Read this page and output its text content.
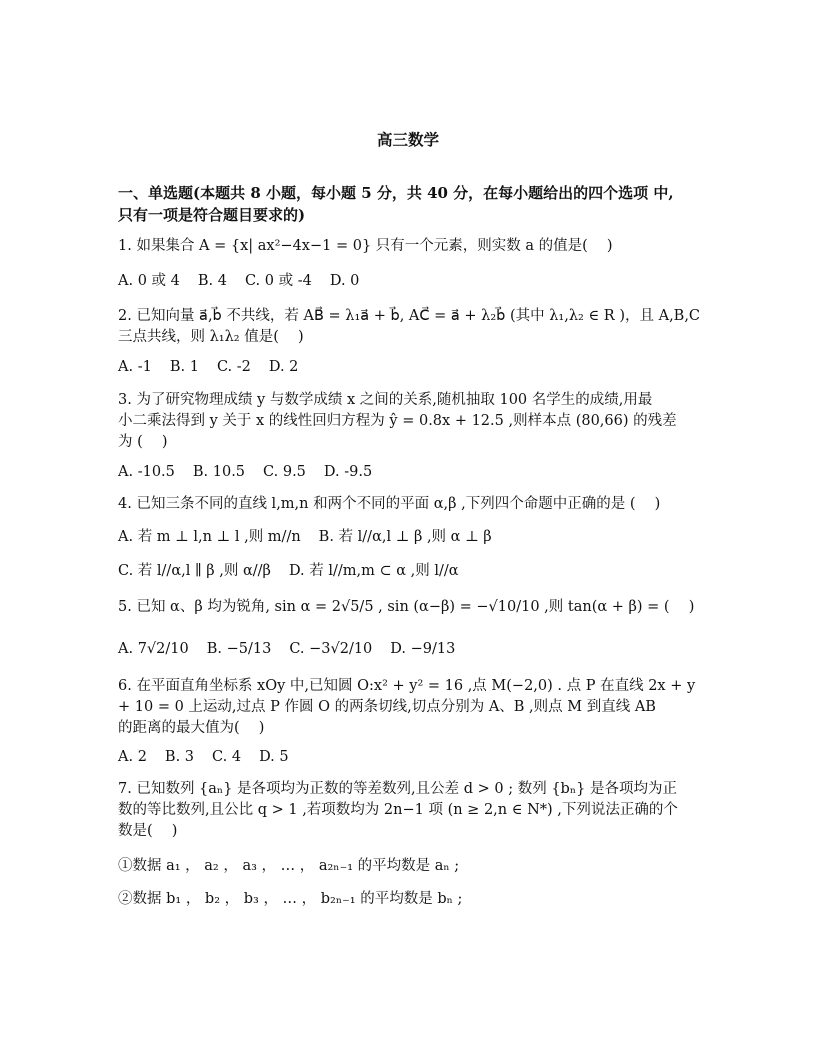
高三数学
一、单选题(本题共 8 小题，每小题 5 分，共 40 分，在每小题给出的四个选项 中,
只有一项是符合题目要求的)
1. 如果集合 A = {x| ax²−4x−1 = 0} 只有一个元素，则实数 a 的值是(　 )
A. 0 或 4 B. 4 C. 0 或 -4 D. 0
2. 已知向量 a⃗,b⃗ 不共线，若 AB⃗ = λ₁a⃗ + b⃗, AC⃗ = a⃗ + λ₂b⃗ (其中 λ₁,λ₂ ∈ R )，且 A,B,C
三点共线，则 λ₁λ₂ 值是(　 )
A. -1 B. 1 C. -2 D. 2
3. 为了研究物理成绩 y 与数学成绩 x 之间的关系,随机抽取 100 名学生的成绩,用最
小二乘法得到 y 关于 x 的线性回归方程为 ŷ = 0.8x + 12.5 ,则样本点 (80,66) 的残差
为 (　 )
A. -10.5 B. 10.5 C. 9.5 D. -9.5
4. 已知三条不同的直线 l,m,n 和两个不同的平面 α,β ,下列四个命题中正确的是 (　 )
A. 若 m ⊥ l,n ⊥ l ,则 m//n B. 若 l//α,l ⊥ β ,则 α ⊥ β
C. 若 l//α,l ∥ β ,则 α//β D. 若 l//m,m ⊂ α ,则 l//α
5. 已知 α、β 均为锐角, sin α = 2√5/5 , sin (α−β) = −√10/10 ,则 tan(α + β) = (　 )
A. 7√2/10 B. −5/13 C. −3√2/10 D. −9/13
6. 在平面直角坐标系 xOy 中,已知圆 O:x² + y² = 16 ,点 M(−2,0) . 点 P 在直线 2x + y
+ 10 = 0 上运动,过点 P 作圆 O 的两条切线,切点分别为 A、B ,则点 M 到直线 AB
的距离的最大值为(　 )
A. 2 B. 3 C. 4 D. 5
7. 已知数列 {aₙ} 是各项均为正数的等差数列,且公差 d > 0 ; 数列 {bₙ} 是各项均为正
数的等比数列,且公比 q > 1 ,若项数均为 2n−1 项 (n ≥ 2,n ∈ N*) ,下列说法正确的个
数是(　 )
①数据 a₁ ， a₂ ， a₃ ， … ， a₂ₙ₋₁ 的平均数是 aₙ ;
②数据 b₁ ， b₂ ， b₃ ， … ， b₂ₙ₋₁ 的平均数是 bₙ ;
